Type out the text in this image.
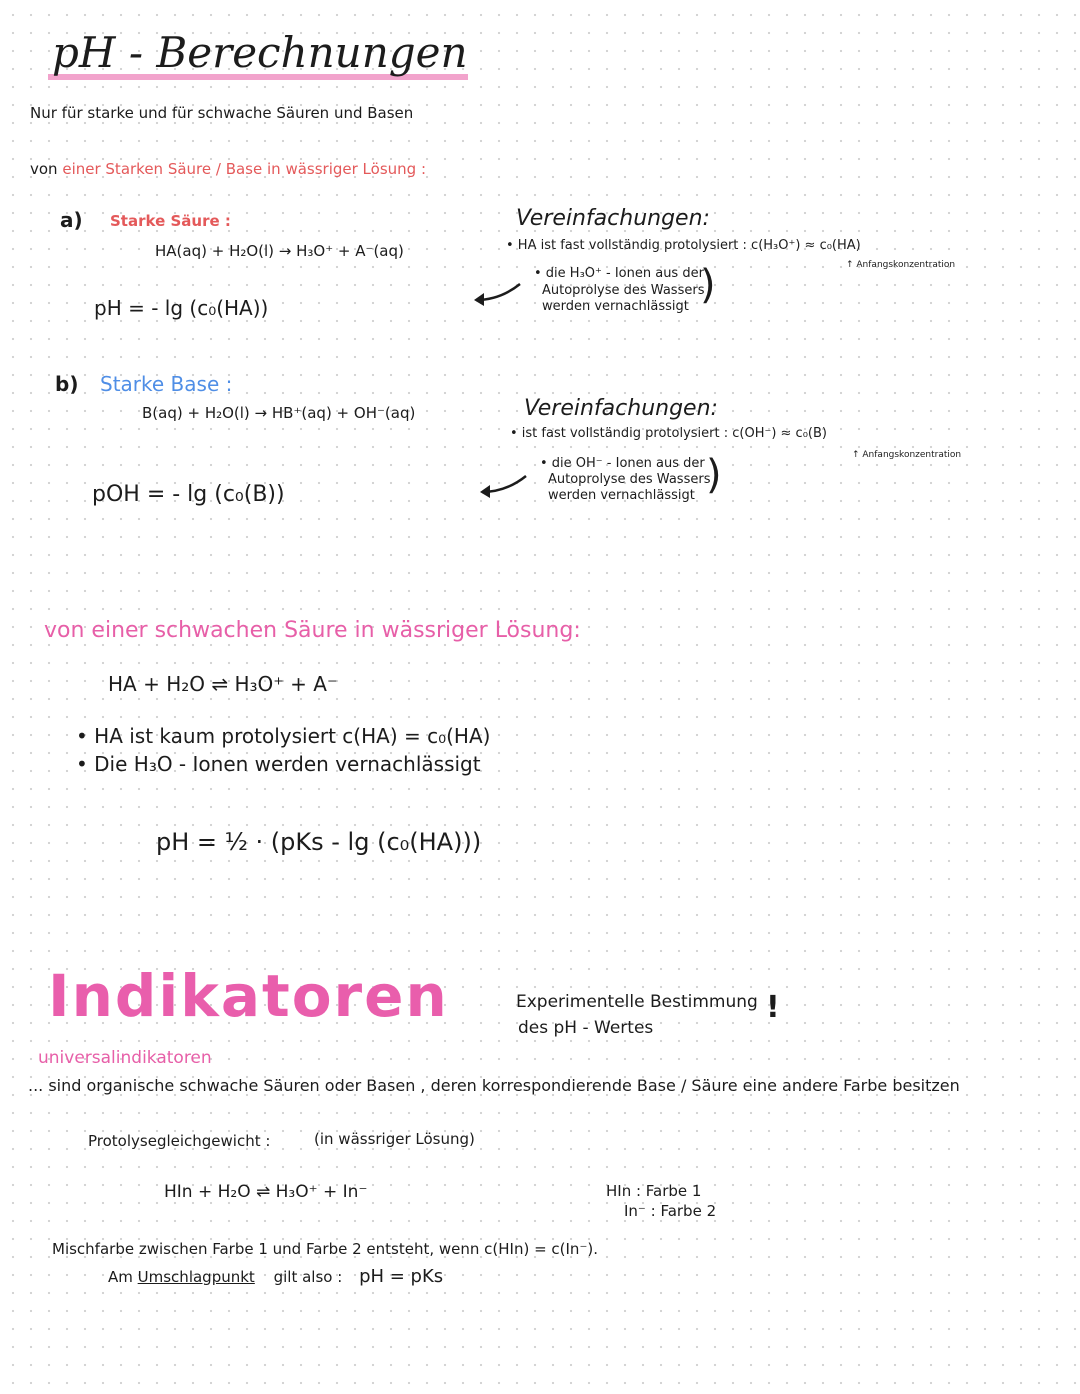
pH - Berechnungen
Nur für starke und für schwache Säuren und Basen
von einer Starken Säure / Base in wässriger Lösung :
a) Starke Säure :
HA(aq) + H₂O(l) → H₃O⁺ + A⁻(aq)
pH = - lg (c₀(HA))
Vereinfachungen:
• HA ist fast vollständig protolysiert : c(H₃O⁺) ≈ c₀(HA)
↑ Anfangskonzentration
• die H₃O⁺ - Ionen aus der
Autoprolyse des Wassers
werden vernachlässigt )
b) Starke Base :
B(aq) + H₂O(l) → HB⁺(aq) + OH⁻(aq)
pOH = - lg (c₀(B))
Vereinfachungen:
• ist fast vollständig protolysiert : c(OH⁻) ≈ c₀(B)
↑ Anfangskonzentration
• die OH⁻ - Ionen aus der
Autoprolyse des Wassers
werden vernachlässigt )
von einer schwachen Säure in wässriger Lösung:
HA + H₂O ⇌ H₃O⁺ + A⁻
• HA ist kaum protolysiert c(HA) = c₀(HA)
• Die H₃O - Ionen werden vernachlässigt
pH = ½ · (pKs - lg (c₀(HA)))
Indikatoren	Experimentelle Bestimmung
des pH - Wertes
!
universalindikatoren
... sind organische schwache Säuren oder Basen , deren korrespondierende Base / Säure eine andere Farbe besitzen
Protolysegleichgewicht :	(in wässriger Lösung)
HIn + H₂O ⇌ H₃O⁺ + In⁻	HIn : Farbe 1
In⁻ : Farbe 2
Mischfarbe zwischen Farbe 1 und Farbe 2 entsteht, wenn c(HIn) = c(In⁻).
Am Umschlagpunkt gilt also : pH = pKs
